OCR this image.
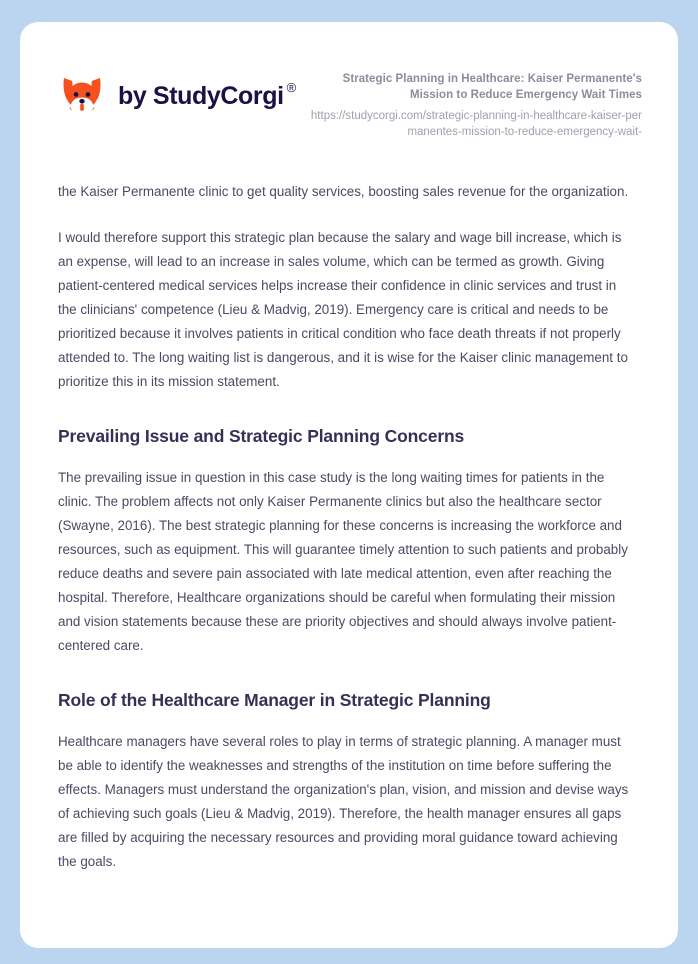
by StudyCorgi ®
Strategic Planning in Healthcare: Kaiser Permanente's Mission to Reduce Emergency Wait Times

https://studycorgi.com/strategic-planning-in-healthcare-kaiser-permanentes-mission-to-reduce-emergency-wait-

the Kaiser Permanente clinic to get quality services, boosting sales revenue for the organization.

I would therefore support this strategic plan because the salary and wage bill increase, which is an expense, will lead to an increase in sales volume, which can be termed as growth. Giving patient-centered medical services helps increase their confidence in clinic services and trust in the clinicians' competence (Lieu & Madvig, 2019). Emergency care is critical and needs to be prioritized because it involves patients in critical condition who face death threats if not properly attended to. The long waiting list is dangerous, and it is wise for the Kaiser clinic management to prioritize this in its mission statement.

Prevailing Issue and Strategic Planning Concerns

The prevailing issue in question in this case study is the long waiting times for patients in the clinic. The problem affects not only Kaiser Permanente clinics but also the healthcare sector (Swayne, 2016). The best strategic planning for these concerns is increasing the workforce and resources, such as equipment. This will guarantee timely attention to such patients and probably reduce deaths and severe pain associated with late medical attention, even after reaching the hospital. Therefore, Healthcare organizations should be careful when formulating their mission and vision statements because these are priority objectives and should always involve patient-centered care.

Role of the Healthcare Manager in Strategic Planning

Healthcare managers have several roles to play in terms of strategic planning. A manager must be able to identify the weaknesses and strengths of the institution on time before suffering the effects. Managers must understand the organization's plan, vision, and mission and devise ways of achieving such goals (Lieu & Madvig, 2019). Therefore, the health manager ensures all gaps are filled by acquiring the necessary resources and providing moral guidance toward achieving the goals.
